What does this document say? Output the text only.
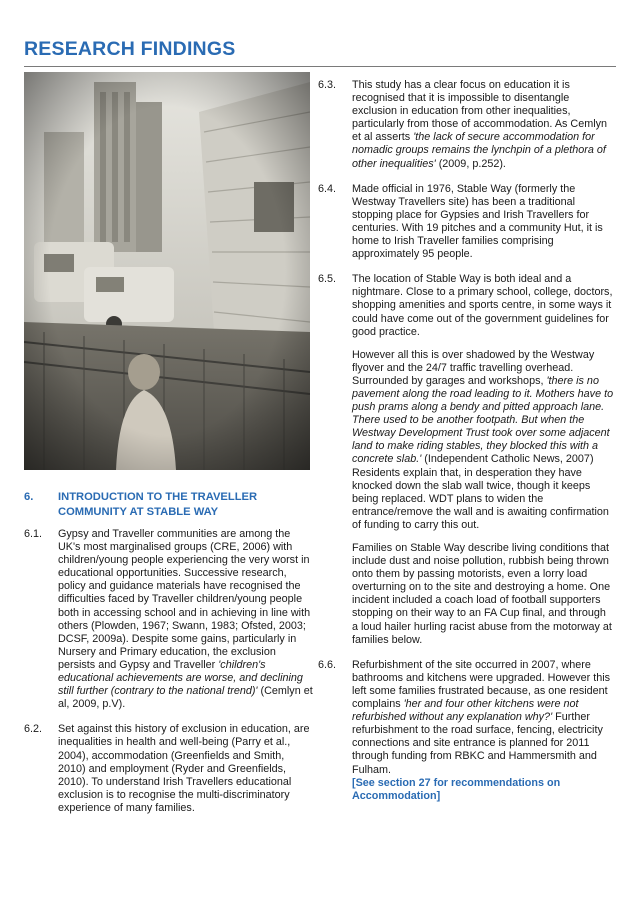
RESEARCH FINDINGS
6.	INTRODUCTION TO THE TRAVELLER COMMUNITY AT STABLE WAY
6.1.	Gypsy and Traveller communities are among the UK's most marginalised groups (CRE, 2006) with children/young people experiencing the very worst in educational opportunities. Successive research, policy and guidance materials have recognised the difficulties faced by Traveller children/young people both in accessing school and in achieving in line with others (Plowden, 1967; Swann, 1983; Ofsted, 2003; DCSF, 2009a). Despite some gains, particularly in Nursery and Primary education, the exclusion persists and Gypsy and Traveller 'children's educational achievements are worse, and declining still further (contrary to the national trend)' (Cemlyn et al, 2009, p.V).

6.2.	Set against this history of exclusion in education, are inequalities in health and well-being (Parry et al., 2004), accommodation (Greenfields and Smith, 2010) and employment (Ryder and Greenfields, 2010). To understand Irish Travellers educational exclusion is to recognise the multi-discriminatory experience of many families.

6.3.	This study has a clear focus on education it is recognised that it is impossible to disentangle exclusion in education from other inequalities, particularly from those of accommodation. As Cemlyn et al asserts 'the lack of secure accommodation for nomadic groups remains the lynchpin of a plethora of other inequalities' (2009, p.252).

6.4.	Made official in 1976, Stable Way (formerly the Westway Travellers site) has been a traditional stopping place for Gypsies and Irish Travellers for centuries. With 19 pitches and a community Hut, it is home to Irish Traveller families comprising approximately 95 people.

6.5.	The location of Stable Way is both ideal and a nightmare. Close to a primary school, college, doctors, shopping amenities and sports centre, in some ways it could have come out of the government guidelines for good practice.

However all this is over shadowed by the Westway flyover and the 24/7 traffic travelling overhead. Surrounded by garages and workshops, 'there is no pavement along the road leading to it. Mothers have to push prams along a bendy and pitted approach lane. There used to be another footpath. But when the Westway Development Trust took over some adjacent land to make riding stables, they blocked this with a concrete slab.' (Independent Catholic News, 2007) Residents explain that, in desperation they have knocked down the slab wall twice, though it keeps being replaced. WDT plans to widen the entrance/remove the wall and is awaiting confirmation of funding to carry this out.

Families on Stable Way describe living conditions that include dust and noise pollution, rubbish being thrown onto them by passing motorists, even a lorry load overturning on to the site and destroying a home. One incident included a coach load of football supporters stopping on their way to an FA Cup final, and through a loud hailer hurling racist abuse from the motorway at families below.

6.6.	Refurbishment of the site occurred in 2007, where bathrooms and kitchens were upgraded. However this left some families frustrated because, as one resident complains 'her and four other kitchens were not refurbished without any explanation why?' Further refurbishment to the road surface, fencing, electricity connections and site entrance is planned for 2011 through funding from RBKC and Hammersmith and Fulham.

[See section 27 for recommendations on Accommodation]
